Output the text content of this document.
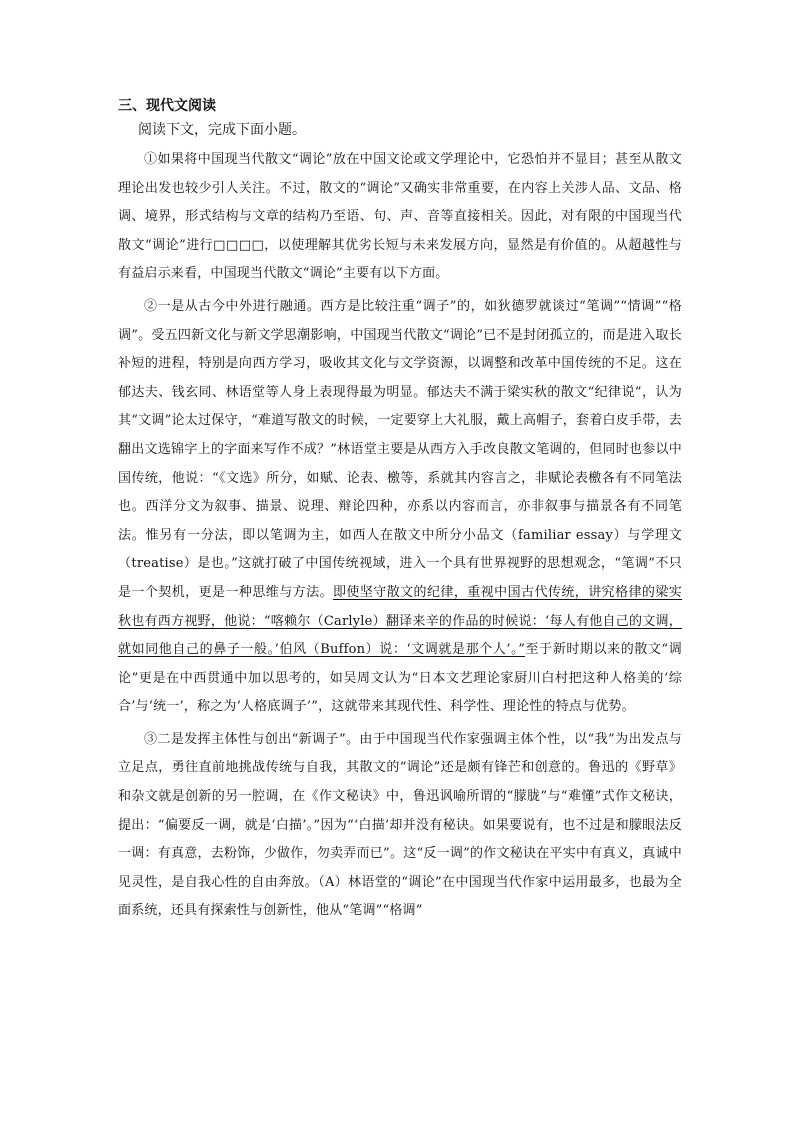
三、现代文阅读

阅读下文，完成下面小题。

①如果将中国现当代散文“调论”放在中国文论或文学理论中，它恐怕并不显目；甚至从散文理论出发也较少引人关注。不过，散文的“调论”又确实非常重要，在内容上关涉人品、文品、格调、境界，形式结构与文章的结构乃至语、句、声、音等直接相关。因此，对有限的中国现当代散文“调论”进行□□□□，以使理解其优劣长短与未来发展方向，显然是有价值的。从超越性与有益启示来看，中国现当代散文“调论”主要有以下方面。

②一是从古今中外进行融通。西方是比较注重“调子”的，如狄德罗就谈过“笔调”“情调”“格调”。受五四新文化与新文学思潮影响，中国现当代散文“调论”已不是封闭孤立的，而是进入取长补短的进程，特别是向西方学习，吸收其文化与文学资源，以调整和改革中国传统的不足。这在郁达夫、钱玄同、林语堂等人身上表现得最为明显。郁达夫不满于梁实秋的散文“纪律说”，认为其“文调”论太过保守，“难道写散文的时候，一定要穿上大礼服，戴上高帽子，套着白皮手带，去翻出文选锦字上的字面来写作不成？”林语堂主要是从西方入手改良散文笔调的，但同时也参以中国传统，他说：“《文选》所分，如赋、论表、檄等，系就其内容言之，非赋论表檄各有不同笔法也。西洋分文为叙事、描景、说理、辩论四种，亦系以内容而言，亦非叙事与描景各有不同笔法。惟另有一分法，即以笔调为主，如西人在散文中所分小品文（familiar essay）与学理文（treatise）是也。”这就打破了中国传统视域，进入一个具有世界视野的思想观念，“笔调”不只是一个契机，更是一种思维与方法。即使坚守散文的纪律，重视中国古代传统，讲究格律的梁实秋也有西方视野，他说：“喀赖尔（Carlyle）翻译来辛的作品的时候说：‘每人有他自己的文调，就如同他自己的鼻子一般。’伯风（Buffon）说：‘文调就是那个人’。”至于新时期以来的散文“调论”更是在中西贯通中加以思考的，如吴周文认为“日本文艺理论家厨川白村把这种人格美的‘综合’与‘统一’，称之为‘人格底调子’”，这就带来其现代性、科学性、理论性的特点与优势。

③二是发挥主体性与创出“新调子”。由于中国现当代作家强调主体个性，以“我”为出发点与立足点，勇往直前地挑战传统与自我，其散文的“调论”还是颇有锋芒和创意的。鲁迅的《野草》和杂文就是创新的另一腔调，在《作文秘诀》中，鲁迅讽喻所谓的“朦胧”与“难懂”式作文秘诀，提出：“偏要反一调，就是‘白描’。”因为“‘白描’却并没有秘诀。如果要说有，也不过是和朦眼法反一调：有真意，去粉饰，少做作，勿卖弄而已”。这“反一调”的作文秘诀在平实中有真义，真诚中见灵性，是自我心性的自由奔放。（A）林语堂的“调论”在中国现当代作家中运用最多，也最为全面系统，还具有探索性与创新性，他从“笔调”“格调”
